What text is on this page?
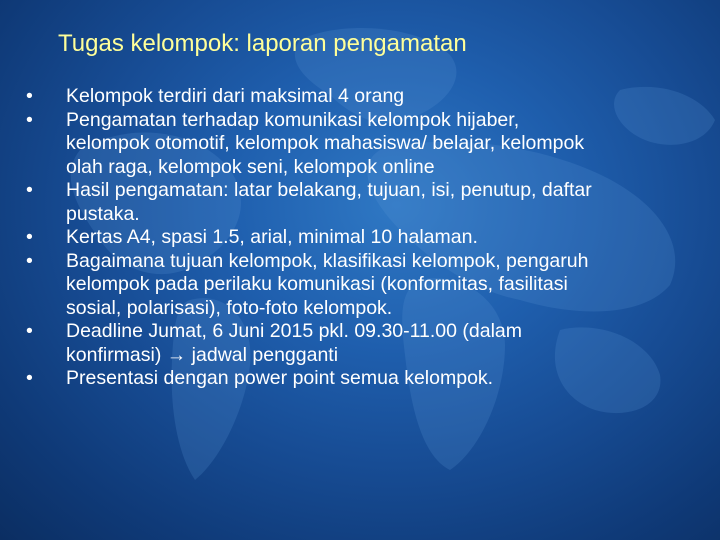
Tugas kelompok: laporan pengamatan
• Kelompok terdiri dari maksimal 4 orang
• Pengamatan terhadap komunikasi kelompok hijaber,
kelompok otomotif, kelompok mahasiswa/ belajar, kelompok
olah raga, kelompok seni, kelompok online
• Hasil pengamatan: latar belakang, tujuan, isi, penutup, daftar
pustaka.
• Kertas A4, spasi 1.5, arial, minimal 10 halaman.
• Bagaimana tujuan kelompok, klasifikasi kelompok, pengaruh
kelompok pada perilaku komunikasi (konformitas, fasilitasi
sosial, polarisasi), foto-foto kelompok.
• Deadline Jumat, 6 Juni 2015 pkl. 09.30-11.00 (dalam
konfirmasi) → jadwal pengganti
• Presentasi dengan power point semua kelompok.
